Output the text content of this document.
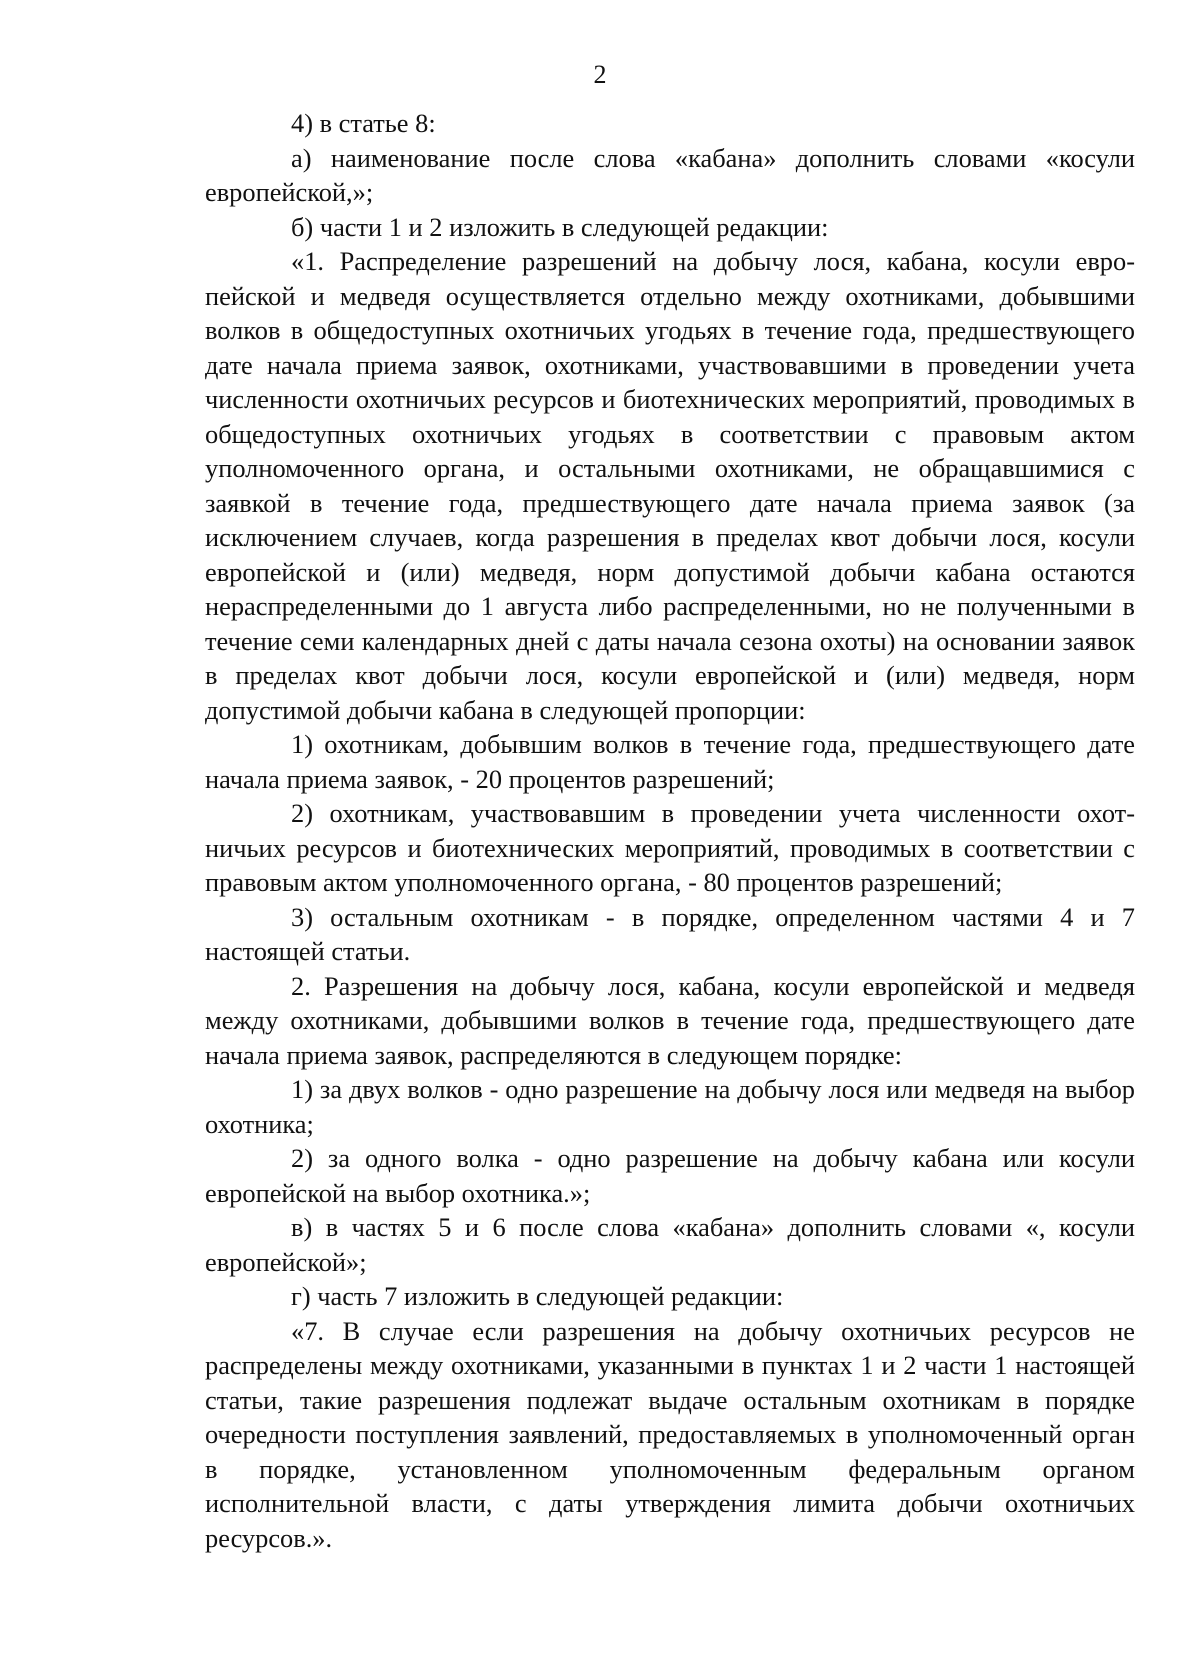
2

4) в статье 8:

а) наименование после слова «кабана» дополнить словами «косули европейской,»;

б) части 1 и 2 изложить в следующей редакции:

«1. Распределение разрешений на добычу лося, кабана, косули европейской и медведя осуществляется отдельно между охотниками, добывшими волков в общедоступных охотничьих угодьях в течение года, предшествующего дате начала приема заявок, охотниками, участвовавшими в проведении учета численности охотничьих ресурсов и биотехнических мероприятий, проводимых в общедоступных охотничьих угодьях в соответствии с правовым актом уполномоченного органа, и остальными охотниками, не обращавшимися с заявкой в течение года, предшествующего дате начала приема заявок (за исключением случаев, когда разрешения в пределах квот добычи лося, косули европейской и (или) медведя, норм допустимой добычи кабана остаются нераспределенными до 1 августа либо распределенными, но не полученными в течение семи календарных дней с даты начала сезона охоты) на основании заявок в пределах квот добычи лося, косули европейской и (или) медведя, норм допустимой добычи кабана в следующей пропорции:

1) охотникам, добывшим волков в течение года, предшествующего дате начала приема заявок, - 20 процентов разрешений;

2) охотникам, участвовавшим в проведении учета численности охотничьих ресурсов и биотехнических мероприятий, проводимых в соответствии с правовым актом уполномоченного органа, - 80 процентов разрешений;

3) остальным охотникам - в порядке, определенном частями 4 и 7 настоящей статьи.

2. Разрешения на добычу лося, кабана, косули европейской и медведя между охотниками, добывшими волков в течение года, предшествующего дате начала приема заявок, распределяются в следующем порядке:

1) за двух волков - одно разрешение на добычу лося или медведя на выбор охотника;

2) за одного волка - одно разрешение на добычу кабана или косули европейской на выбор охотника.»;

в) в частях 5 и 6 после слова «кабана» дополнить словами «, косули европейской»;

г) часть 7 изложить в следующей редакции:

«7. В случае если разрешения на добычу охотничьих ресурсов не распределены между охотниками, указанными в пунктах 1 и 2 части 1 настоящей статьи, такие разрешения подлежат выдаче остальным охотникам в порядке очередности поступления заявлений, предоставляемых в уполномоченный орган в порядке, установленном уполномоченным федеральным органом исполнительной власти, с даты утверждения лимита добычи охотничьих ресурсов.».
